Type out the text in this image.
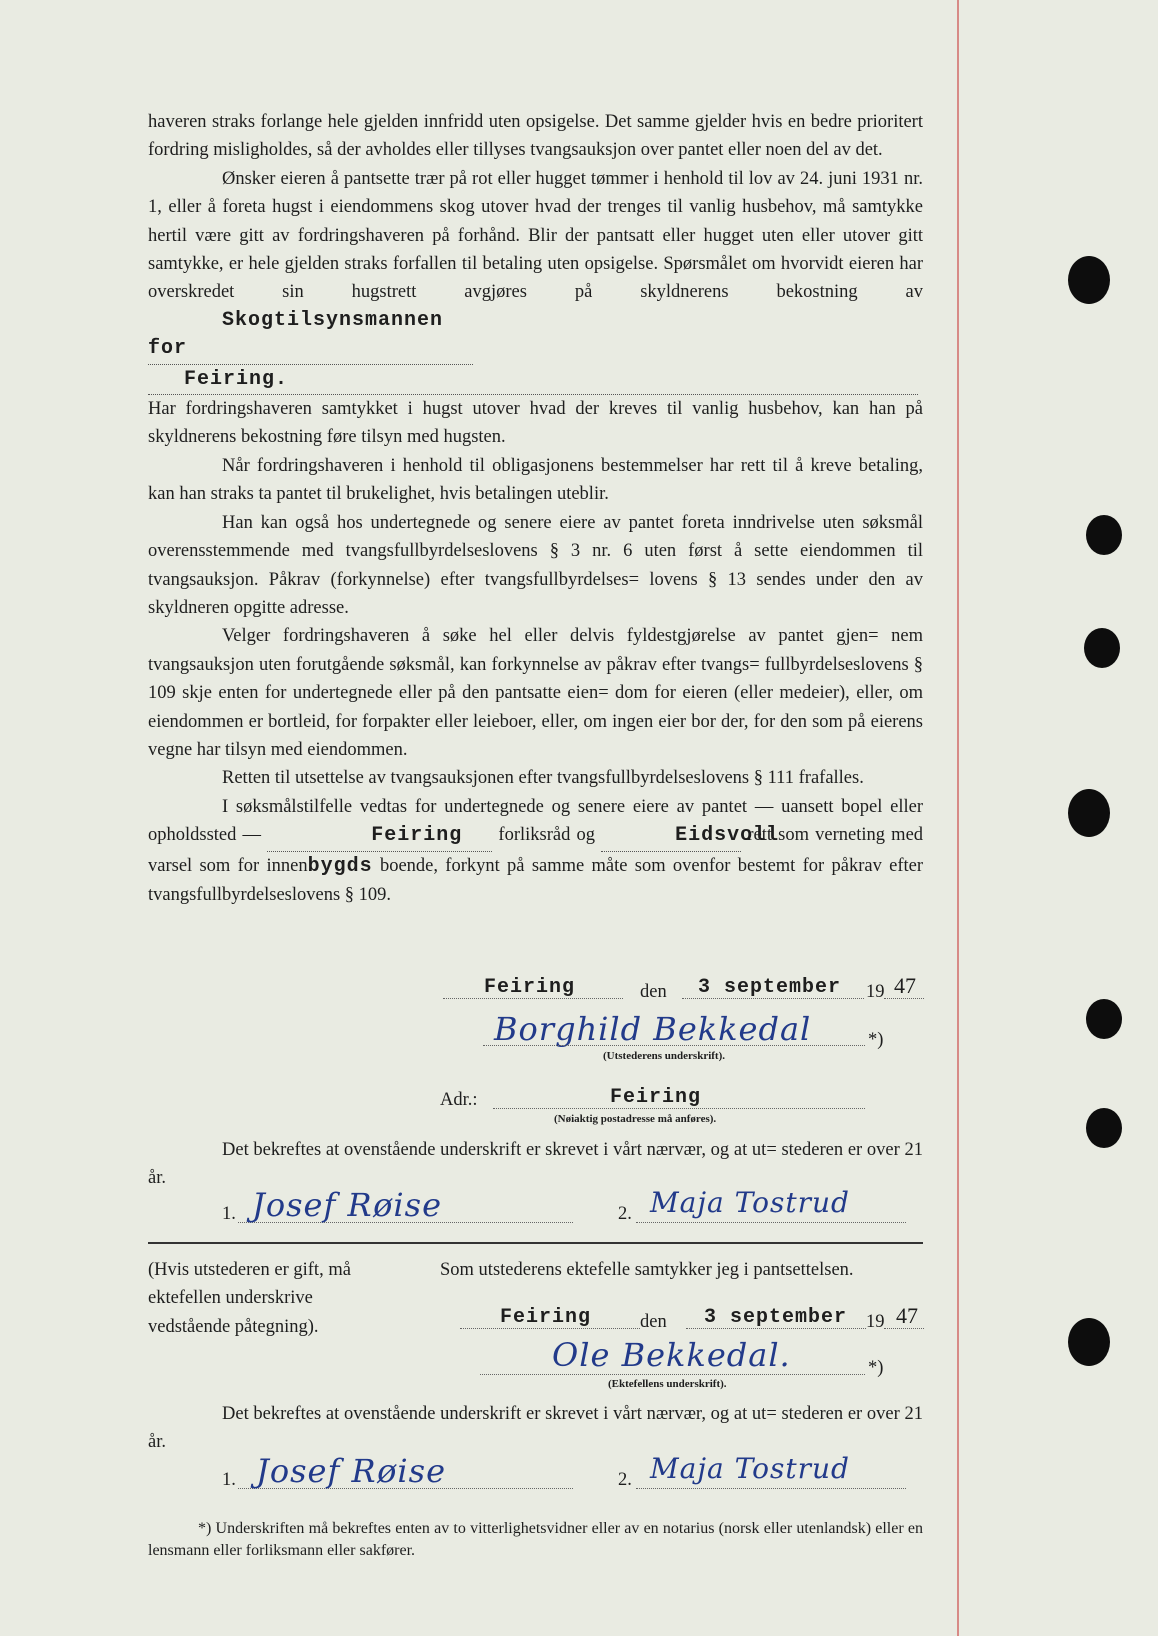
haveren straks forlange hele gjelden innfridd uten opsigelse. Det samme gjelder hvis en bedre prioritert fordring misligholdes, så der avholdes eller tillyses tvangsauksjon over pantet eller noen del av det.

Ønsker eieren å pantsette trær på rot eller hugget tømmer i henhold til lov av 24. juni 1931 nr. 1, eller å foreta hugst i eiendommens skog utover hvad der trenges til vanlig husbehov, må samtykke hertil være gitt av fordringshaveren på forhånd. Blir der pantsatt eller hugget uten eller utover gitt samtykke, er hele gjelden straks forfallen til betaling uten opsigelse. Spørsmålet om hvorvidt eieren har overskredet sin hugstrett avgjøres på skyldnerens bekostning av Skogtilsynsmannen for
Feiring.

Har fordringshaveren samtykket i hugst utover hvad der kreves til vanlig husbehov, kan han på skyldnerens bekostning føre tilsyn med hugsten.

Når fordringshaveren i henhold til obligasjonens bestemmelser har rett til å kreve betaling, kan han straks ta pantet til brukelighet, hvis betalingen uteblir.

Han kan også hos undertegnede og senere eiere av pantet foreta inndrivelse uten søksmål overensstemmende med tvangsfullbyrdelseslovens § 3 nr. 6 uten først å sette eiendommen til tvangsauksjon. Påkrav (forkynnelse) efter tvangsfullbyrdelses= lovens § 13 sendes under den av skyldneren opgitte adresse.

Velger fordringshaveren å søke hel eller delvis fyldestgjørelse av pantet gjen= nem tvangsauksjon uten forutgående søksmål, kan forkynnelse av påkrav efter tvangs= fullbyrdelseslovens § 109 skje enten for undertegnede eller på den pantsatte eien= dom for eieren (eller medeier), eller, om eiendommen er bortleid, for forpakter eller leieboer, eller, om ingen eier bor der, for den som på eierens vegne har tilsyn med eiendommen.

Retten til utsettelse av tvangsauksjonen efter tvangsfullbyrdelseslovens § 111 frafalles.

I søksmålstilfelle vedtas for undertegnede og senere eiere av pantet — uansett bopel eller opholdssted —	Feiring forliksråd og	Eidsvoll rett som verneting med varsel som for innenbygds boende, forkynt på samme måte som ovenfor bestemt for påkrav efter tvangsfullbyrdelseslovens § 109.

Feiring	den 3 september 19 47
Borghild Bekkedal	*)
(Utstederens underskrift).
Adr.:	Feiring
(Nøiaktig postadresse må anføres).
Det bekreftes at ovenstående underskrift er skrevet i vårt nærvær, og at ut= stederen er over 21 år.
1. Josef Røise	2. Maja Tostrud
(Hvis utstederen er gift, må ektefellen underskrive vedstående påtegning).
Som utstederens ektefelle samtykker jeg i pantsettelsen.
Feiring	den 3 september 19 47
Ole Bekkedal.	*)
(Ektefellens underskrift).
Det bekreftes at ovenstående underskrift er skrevet i vårt nærvær, og at ut= stederen er over 21 år.
1. Josef Røise	2. Maja Tostrud
*) Underskriften må bekreftes enten av to vitterlighetsvidner eller av en notarius (norsk eller utenlandsk) eller en lensmann eller forliksmann eller sakfører.
